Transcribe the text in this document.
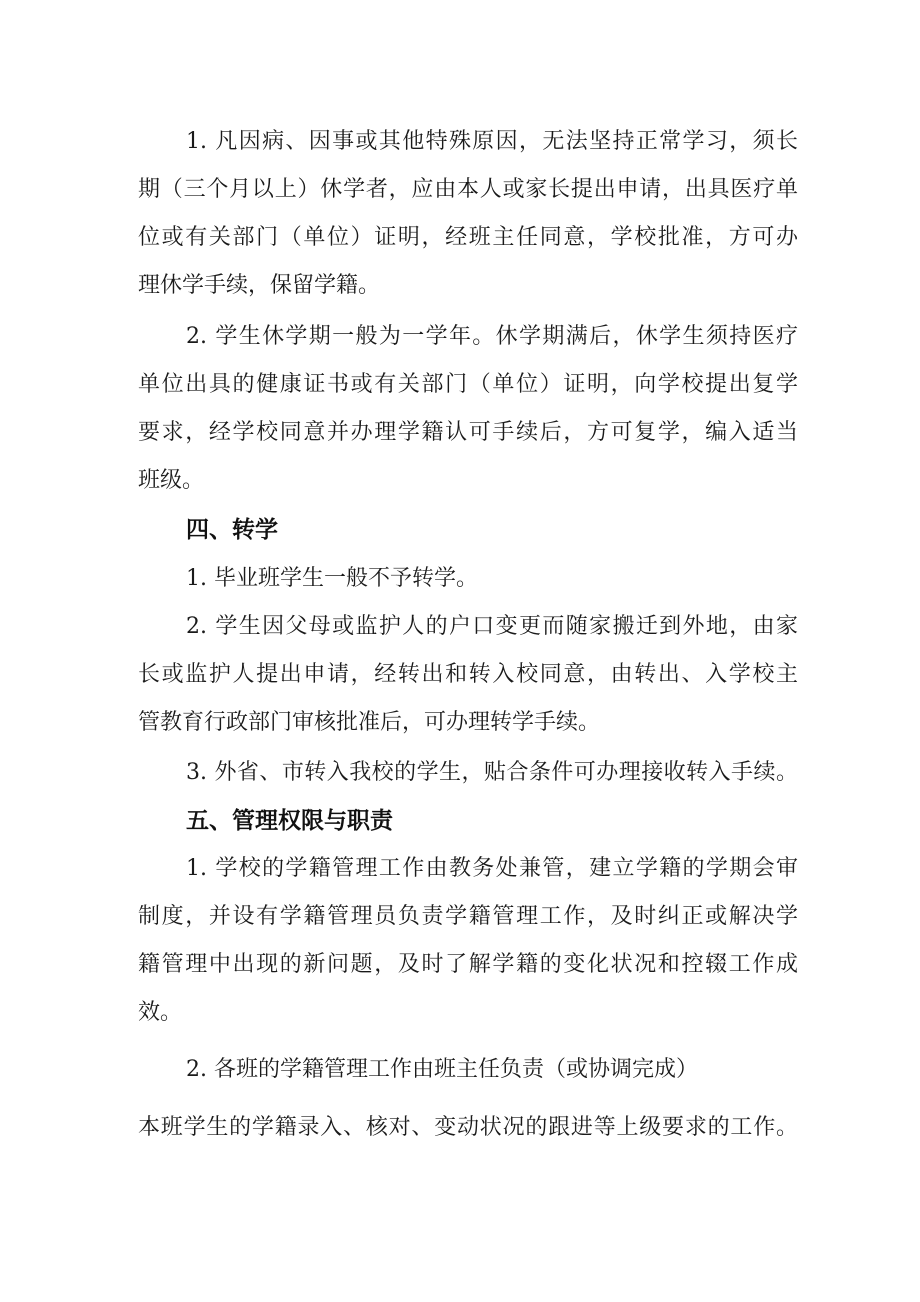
1. 凡因病、因事或其他特殊原因，无法坚持正常学习，须长

期（三个月以上）休学者，应由本人或家长提出申请，出具医疗单

位或有关部门（单位）证明，经班主任同意，学校批准，方可办

理休学手续，保留学籍。

2. 学生休学期一般为一学年。休学期满后，休学生须持医疗

单位出具的健康证书或有关部门（单位）证明，向学校提出复学

要求，经学校同意并办理学籍认可手续后，方可复学，编入适当

班级。

四、转学

1. 毕业班学生一般不予转学。

2. 学生因父母或监护人的户口变更而随家搬迁到外地，由家

长或监护人提出申请，经转出和转入校同意，由转出、入学校主

管教育行政部门审核批准后，可办理转学手续。

3. 外省、市转入我校的学生，贴合条件可办理接收转入手续。

五、管理权限与职责

1. 学校的学籍管理工作由教务处兼管，建立学籍的学期会审

制度，并设有学籍管理员负责学籍管理工作，及时纠正或解决学

籍管理中出现的新问题，及时了解学籍的变化状况和控辍工作成

效。

2. 各班的学籍管理工作由班主任负责（或协调完成）

本班学生的学籍录入、核对、变动状况的跟进等上级要求的工作。
